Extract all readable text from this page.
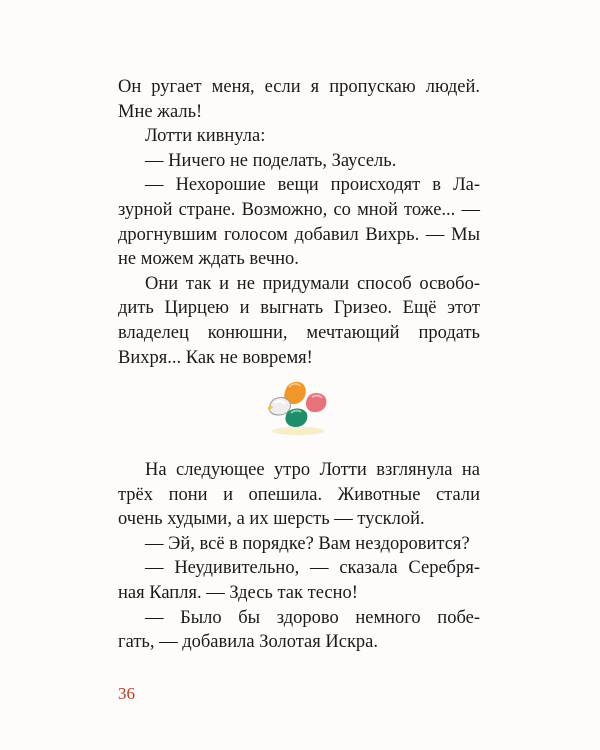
Он ругает меня, если я пропускаю людей.
Мне жаль!
Лотти кивнула:
— Ничего не поделать, Заусель.
— Нехорошие вещи происходят в Ла-
зурной стране. Возможно, со мной тоже... —
дрогнувшим голосом добавил Вихрь. — Мы
не можем ждать вечно.
Они так и не придумали способ освобо-
дить Цирцею и выгнать Гризео. Ещё этот
владелец конюшни, мечтающий продать
Вихря... Как не вовремя!
На следующее утро Лотти взглянула на
трёх пони и опешила. Животные стали
очень худыми, а их шерсть — тусклой.
— Эй, всё в порядке? Вам нездоровится?
— Неудивительно, — сказала Серебря-
ная Капля. — Здесь так тесно!
— Было бы здорово немного побе-
гать, — добавила Золотая Искра.
36
